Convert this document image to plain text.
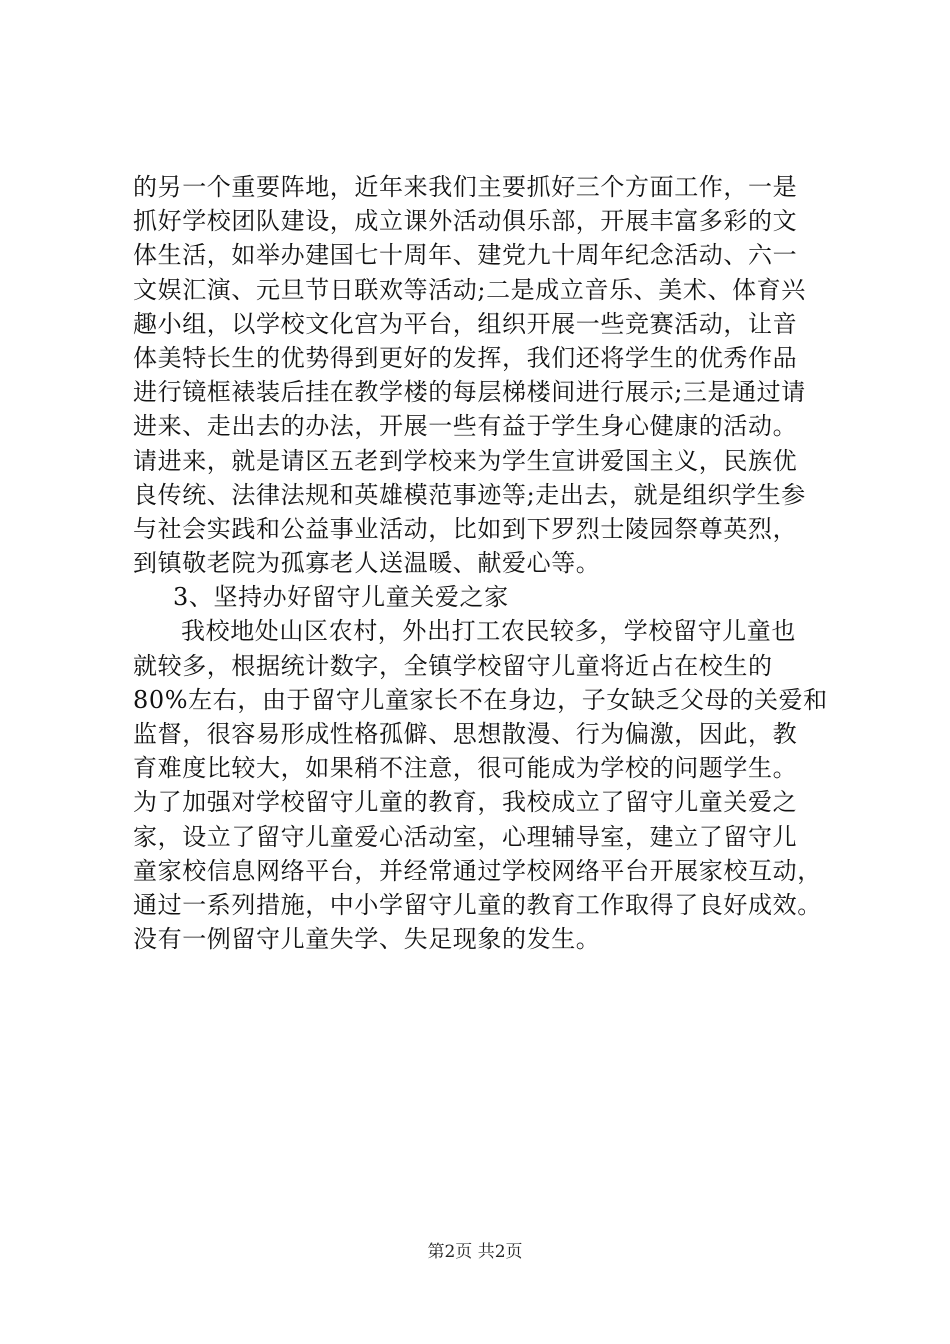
的另一个重要阵地，近年来我们主要抓好三个方面工作，一是
抓好学校团队建设，成立课外活动俱乐部，开展丰富多彩的文
体生活，如举办建国七十周年、建党九十周年纪念活动、六一
文娱汇演、元旦节日联欢等活动;二是成立音乐、美术、体育兴
趣小组，以学校文化宫为平台，组织开展一些竞赛活动，让音
体美特长生的优势得到更好的发挥，我们还将学生的优秀作品
进行镜框裱装后挂在教学楼的每层梯楼间进行展示;三是通过请
进来、走出去的办法，开展一些有益于学生身心健康的活动。
请进来，就是请区五老到学校来为学生宣讲爱国主义，民族优
良传统、法律法规和英雄模范事迹等;走出去，就是组织学生参
与社会实践和公益事业活动，比如到下罗烈士陵园祭尊英烈，
到镇敬老院为孤寡老人送温暖、献爱心等。
3、坚持办好留守儿童关爱之家
我校地处山区农村，外出打工农民较多，学校留守儿童也
就较多，根据统计数字，全镇学校留守儿童将近占在校生的
80%左右，由于留守儿童家长不在身边，子女缺乏父母的关爱和
监督，很容易形成性格孤僻、思想散漫、行为偏激，因此，教
育难度比较大，如果稍不注意，很可能成为学校的问题学生。
为了加强对学校留守儿童的教育，我校成立了留守儿童关爱之
家，设立了留守儿童爱心活动室，心理辅导室，建立了留守儿
童家校信息网络平台，并经常通过学校网络平台开展家校互动，
通过一系列措施，中小学留守儿童的教育工作取得了良好成效。
没有一例留守儿童失学、失足现象的发生。
第2页 共2页
